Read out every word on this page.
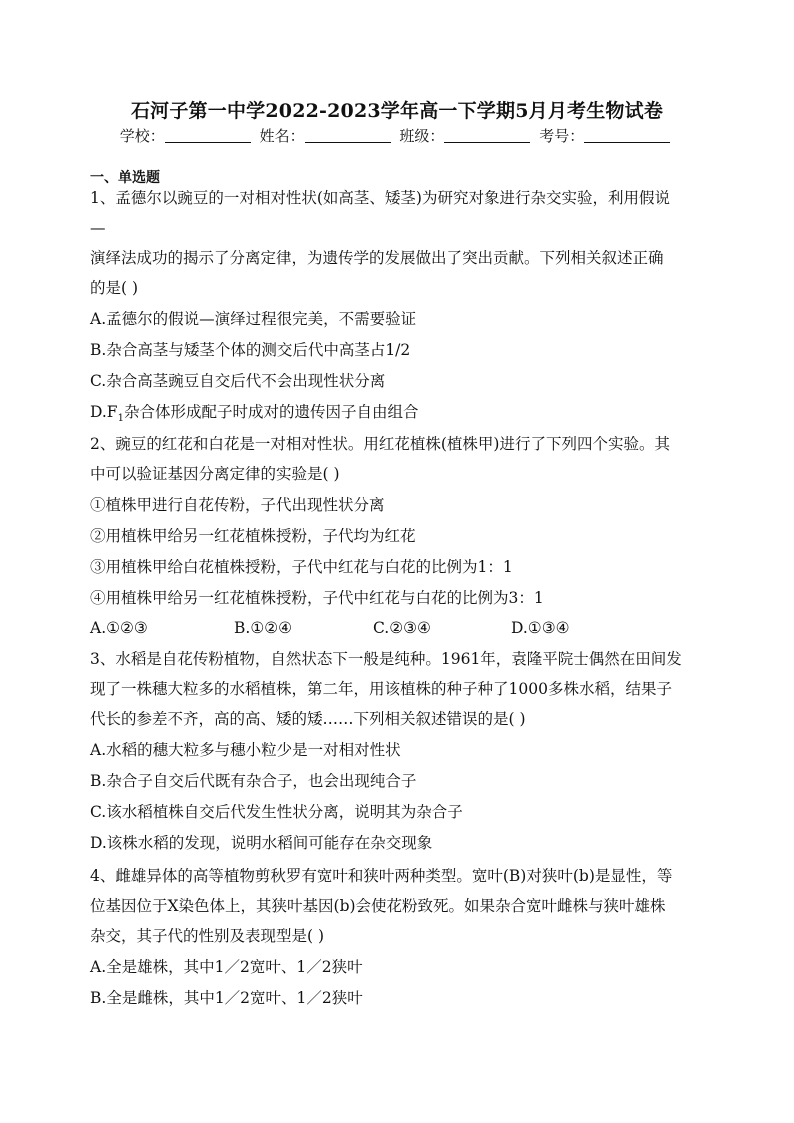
石河子第一中学2022-2023学年高一下学期5月月考生物试卷
学校：	姓名：	班级：	考号：
一、单选题
1、孟德尔以豌豆的一对相对性状(如高茎、矮茎)为研究对象进行杂交实验，利用假说
—
演绎法成功的揭示了分离定律，为遗传学的发展做出了突出贡献。下列相关叙述正确
的是( )
A.孟德尔的假说—演绎过程很完美，不需要验证
B.杂合高茎与矮茎个体的测交后代中高茎占1/2
C.杂合高茎豌豆自交后代不会出现性状分离
$D.F_1$杂合体形成配子时成对的遗传因子自由组合
2、豌豆的红花和白花是一对相对性状。用红花植株(植株甲)进行了下列四个实验。其
中可以验证基因分离定律的实验是( )
①植株甲进行自花传粉，子代出现性状分离
②用植株甲给另一红花植株授粉，子代均为红花
③用植株甲给白花植株授粉，子代中红花与白花的比例为1：1
④用植株甲给另一红花植株授粉，子代中红花与白花的比例为3：1
A.①②③	B.①②④	C.②③④	D.①③④
3、水稻是自花传粉植物，自然状态下一般是纯种。1961年，袁隆平院士偶然在田间发
现了一株穗大粒多的水稻植株，第二年，用该植株的种子种了1000多株水稻，结果子
代长的参差不齐，高的高、矮的矮……下列相关叙述错误的是( )
A.水稻的穗大粒多与穗小粒少是一对相对性状
B.杂合子自交后代既有杂合子，也会出现纯合子
C.该水稻植株自交后代发生性状分离，说明其为杂合子
D.该株水稻的发现，说明水稻间可能存在杂交现象
4、雌雄异体的高等植物剪秋罗有宽叶和狭叶两种类型。宽叶(B)对狭叶(b)是显性，等
位基因位于X染色体上，其狭叶基因(b)会使花粉致死。如果杂合宽叶雌株与狭叶雄株
杂交，其子代的性别及表现型是( )
A.全是雄株，其中1／2宽叶、1／2狭叶
B.全是雌株，其中1／2宽叶、1／2狭叶
